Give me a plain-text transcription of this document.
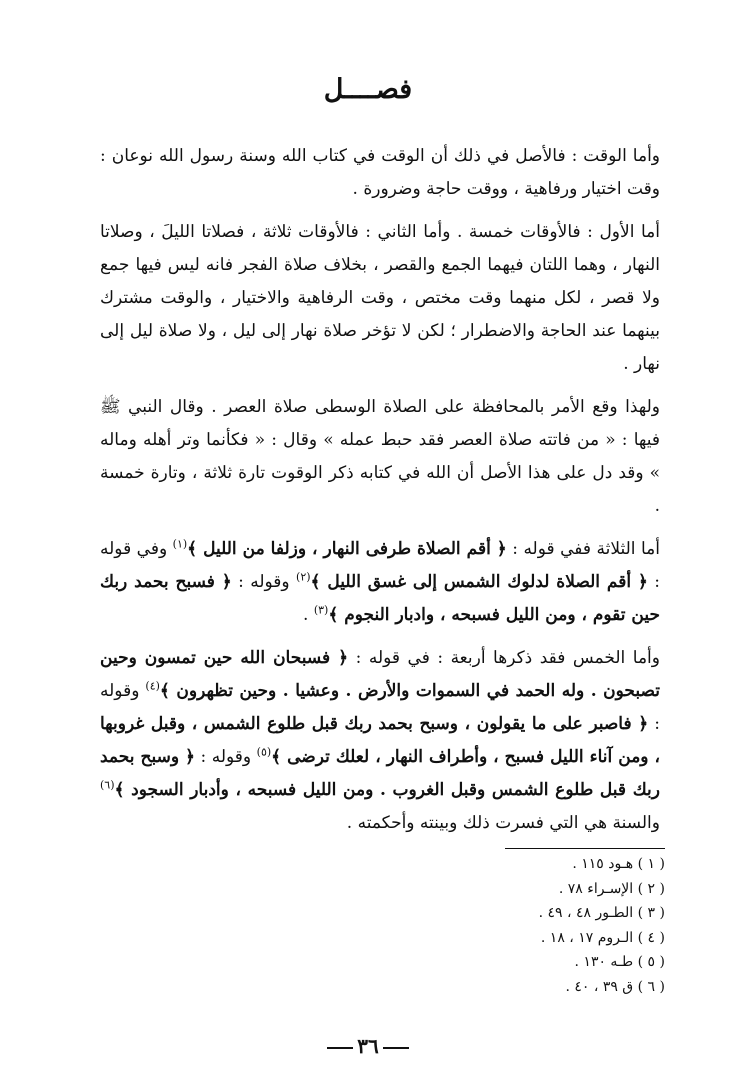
فصــــل

وأما الوقت : فالأصل في ذلك أن الوقت في كتاب الله وسنة رسول الله نوعان : وقت اختيار ورفاهية ، ووقت حاجة وضرورة .

أما الأول : فالأوقات خمسة . وأما الثاني : فالأوقات ثلاثة ، فصلاتا الليلَ ، وصلاتا النهار ، وهما اللتان فيهما الجمع والقصر ، بخلاف صلاة الفجر فانه ليس فيها جمع ولا قصر ، لكل منهما وقت مختص ، وقت الرفاهية والاختيار ، والوقت مشترك بينهما عند الحاجة والاضطرار ؛ لكن لا تؤخر صلاة نهار إلى ليل ، ولا صلاة ليل إلى نهار .

ولهذا وقع الأمر بالمحافظة على الصلاة الوسطى صلاة العصر . وقال النبي ﷺ فيها : « من فاتته صلاة العصر فقد حبط عمله » وقال : « فكأنما وتر أهله وماله » وقد دل على هذا الأصل أن الله في كتابه ذكر الوقوت تارة ثلاثة ، وتارة خمسة .

أما الثلاثة ففي قوله : ﴿ أقم الصلاة طرفى النهار ، وزلفا من الليل ﴾$^{(١)}$ وفي قوله : ﴿ أقم الصلاة لدلوك الشمس إلى غسق الليل ﴾$^{(٢)}$ وقوله : ﴿ فسبح بحمد ربك حين تقوم ، ومن الليل فسبحه ، وادبار النجوم ﴾$^{(٣)}$ .

وأما الخمس فقد ذكرها أربعة : في قوله : ﴿ فسبحان الله حين تمسون وحين تصبحون . وله الحمد في السموات والأرض . وعشيا . وحين تظهرون ﴾$^{(٤)}$ وقوله : ﴿ فاصبر على ما يقولون ، وسبح بحمد ربك قبل طلوع الشمس ، وقبل غروبها ، ومن آناء الليل فسبح ، وأطراف النهار ، لعلك ترضى ﴾$^{(٥)}$ وقوله : ﴿ وسبح بحمد ربك قبل طلوع الشمس وقبل الغروب . ومن الليل فسبحه ، وأدبار السجود ﴾$^{(٦)}$ والسنة هي التي فسرت ذلك وبينته وأحكمته .

( ١ ) هـود ١١٥ .
( ٢ ) الإسـراء ٧٨ .
( ٣ ) الطـور ٤٨ ، ٤٩ .
( ٤ ) الـروم ١٧ ، ١٨ .
( ٥ ) طـه ١٣٠ .
( ٦ ) ق ٣٩ ، ٤٠ .
٣٦
